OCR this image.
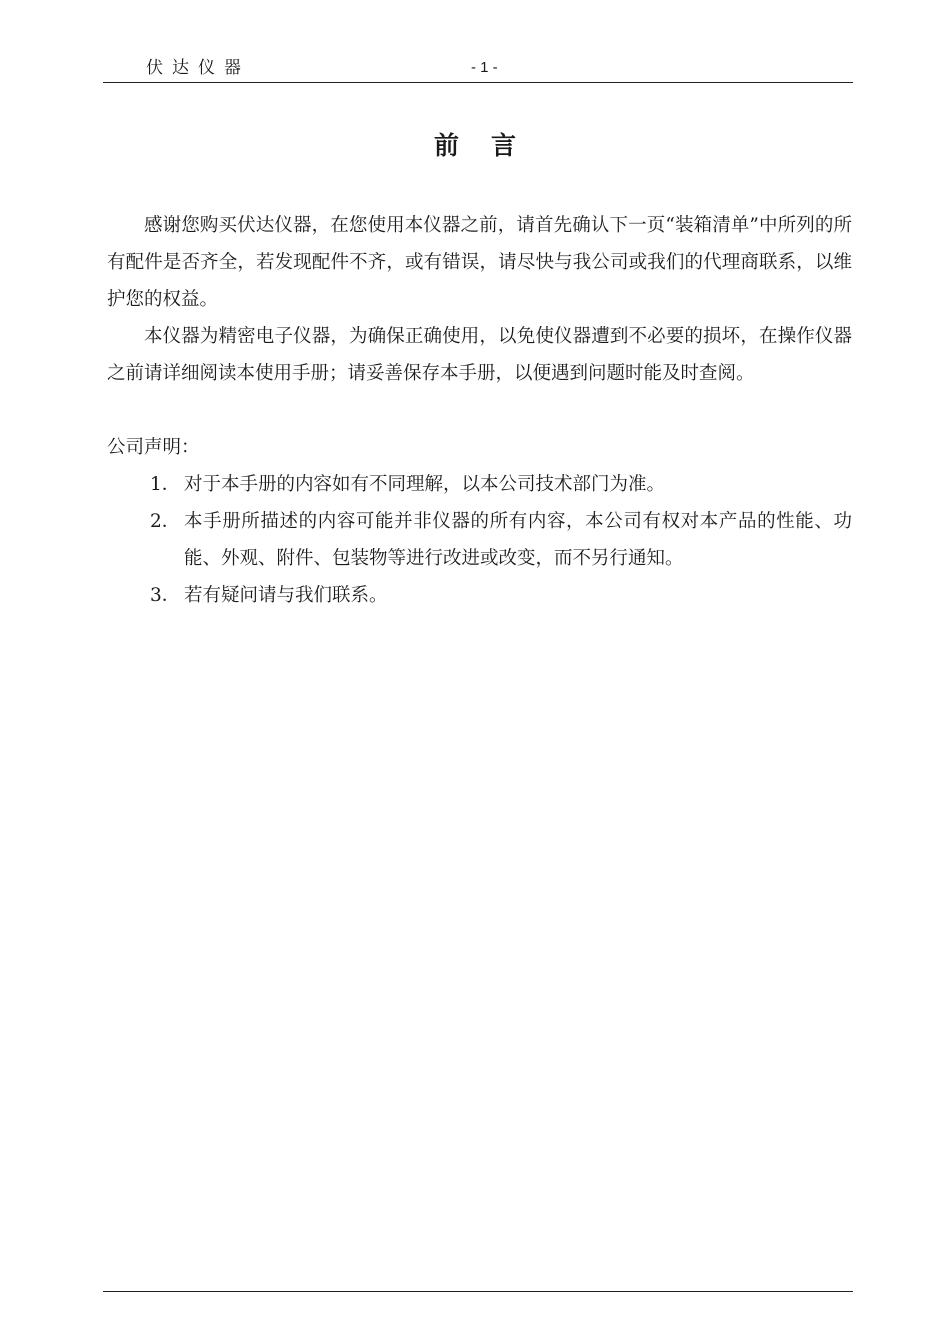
伏达仪器	- 1 -
前言

感谢您购买伏达仪器，在您使用本仪器之前，请首先确认下一页“装箱清单”中所列的所有配件是否齐全，若发现配件不齐，或有错误，请尽快与我公司或我们的代理商联系，以维护您的权益。

本仪器为精密电子仪器，为确保正确使用，以免使仪器遭到不必要的损坏，在操作仪器之前请详细阅读本使用手册；请妥善保存本手册，以便遇到问题时能及时查阅。

公司声明：

1． 对于本手册的内容如有不同理解，以本公司技术部门为准。
2． 本手册所描述的内容可能并非仪器的所有内容，本公司有权对本产品的性能、功能、外观、附件、包装物等进行改进或改变，而不另行通知。
3． 若有疑问请与我们联系。
